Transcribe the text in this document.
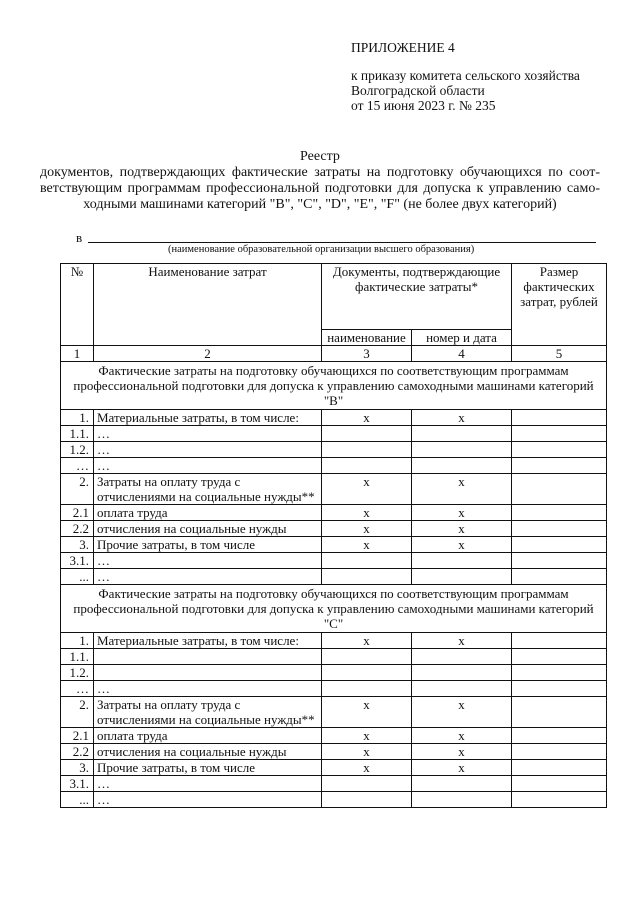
ПРИЛОЖЕНИЕ 4
к приказу комитета сельского хозяйства
Волгоградской области
от 15 июня 2023 г. № 235
Реестр
документов, подтверждающих фактические затраты на подготовку обучающихся по соот-ветствующим программам профессиональной подготовки для допуска к управлению само-ходными машинами категорий "B", "C", "D", "E", "F" (не более двух категорий)
в
(наименование образовательной организации высшего образования)
№	Наименование затрат	Документы, подтверждающие фактические затраты*		Размер фактических затрат, рублей
		наименование	номер и дата	
1	2	3	4	5
Фактические затраты на подготовку обучающихся по соответствующим программам профессиональной подготовки для допуска к управлению самоходными машинами категорий "В"				
1.	Материальные затраты, в том числе:	x	x	
1.1.	…			
1.2.	…			
…	…			
2.	Затраты на оплату труда с отчислениями на социальные нужды**	x	x	
2.1	оплата труда	x	x	
2.2	отчисления на социальные нужды	x	x	
3.	Прочие затраты, в том числе	x	x	
3.1.	…			
...	…			
Фактические затраты на подготовку обучающихся по соответствующим программам профессиональной подготовки для допуска к управлению самоходными машинами категорий "С"				
1.	Материальные затраты, в том числе:	x	x	
1.1.				
1.2.				
…	…			
2.	Затраты на оплату труда с отчислениями на социальные нужды**	x	x	
2.1	оплата труда	x	x	
2.2	отчисления на социальные нужды	x	x	
3.	Прочие затраты, в том числе	x	x	
3.1.	…			
...	…			
